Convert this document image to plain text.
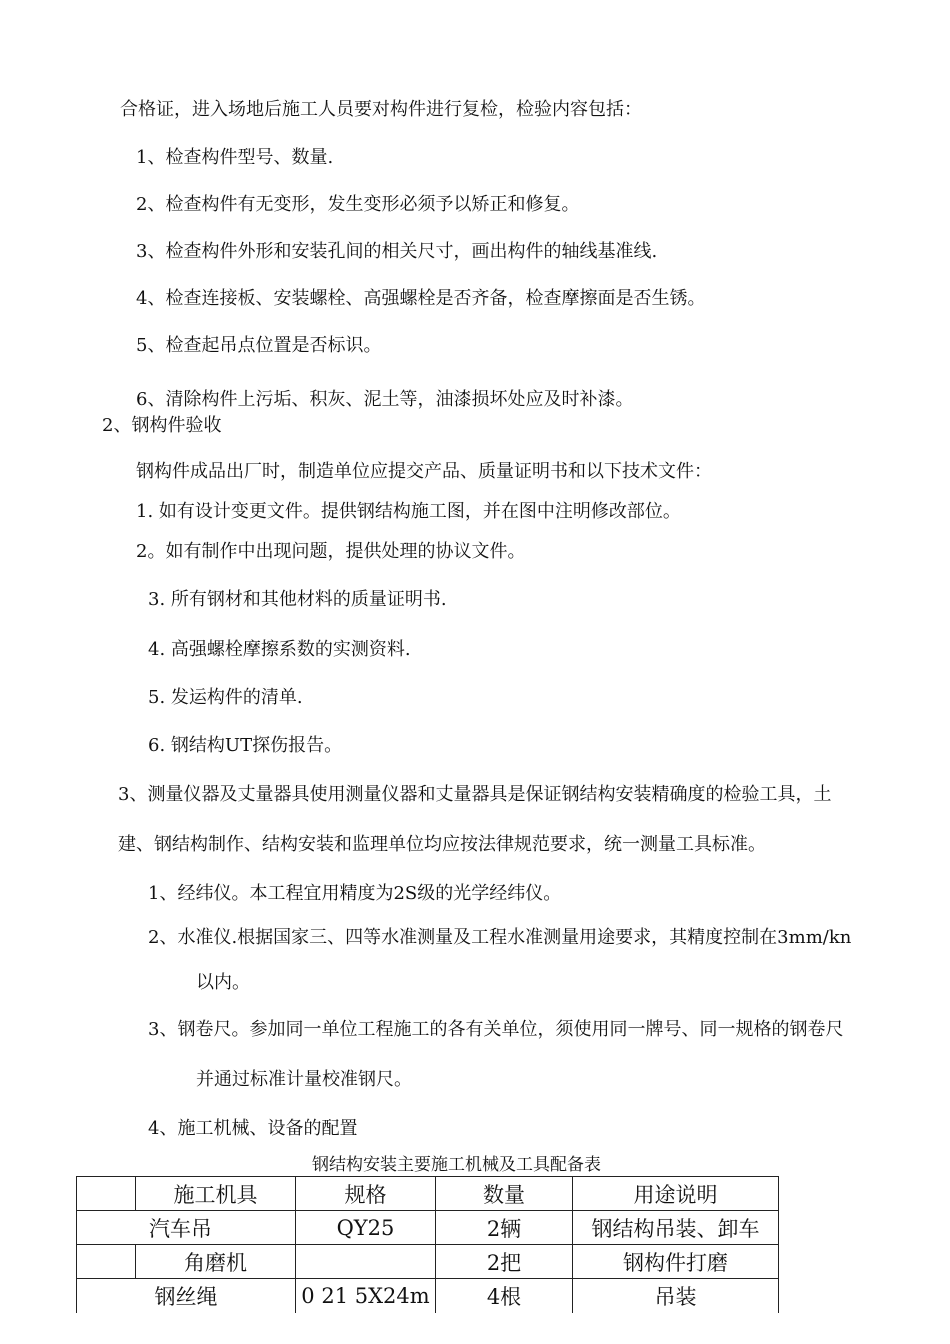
合格证，进入场地后施工人员要对构件进行复检，检验内容包括：

1、检查构件型号、数量.

2、检查构件有无变形，发生变形必须予以矫正和修复。

3、检查构件外形和安装孔间的相关尺寸，画出构件的轴线基准线.

4、检查连接板、安装螺栓、高强螺栓是否齐备，检查摩擦面是否生锈。

5、检查起吊点位置是否标识。

6、清除构件上污垢、积灰、泥土等，油漆损坏处应及时补漆。

2、钢构件验收

钢构件成品出厂时，制造单位应提交产品、质量证明书和以下技术文件：

1. 如有设计变更文件。提供钢结构施工图，并在图中注明修改部位。

2。如有制作中出现问题，提供处理的协议文件。

3. 所有钢材和其他材料的质量证明书.

4. 高强螺栓摩擦系数的实测资料.

5. 发运构件的清单.

6. 钢结构UT探伤报告。

3、测量仪器及丈量器具使用测量仪器和丈量器具是保证钢结构安装精确度的检验工具，土

建、钢结构制作、结构安装和监理单位均应按法律规范要求，统一测量工具标准。

1、经纬仪。本工程宜用精度为2S级的光学经纬仪。

2、水准仪.根据国家三、四等水准测量及工程水准测量用途要求，其精度控制在3mm/kn

以内。

3、钢卷尺。参加同一单位工程施工的各有关单位，须使用同一牌号、同一规格的钢卷尺

并通过标准计量校准钢尺。

4、施工机械、设备的配置

钢结构安装主要施工机械及工具配备表
	施工机具	规格	数量	用途说明
汽车吊		QY25	2辆	钢结构吊装、卸车
	角磨机		2把	钢构件打磨
钢丝绳		0 21 5X24m	4根	吊装
